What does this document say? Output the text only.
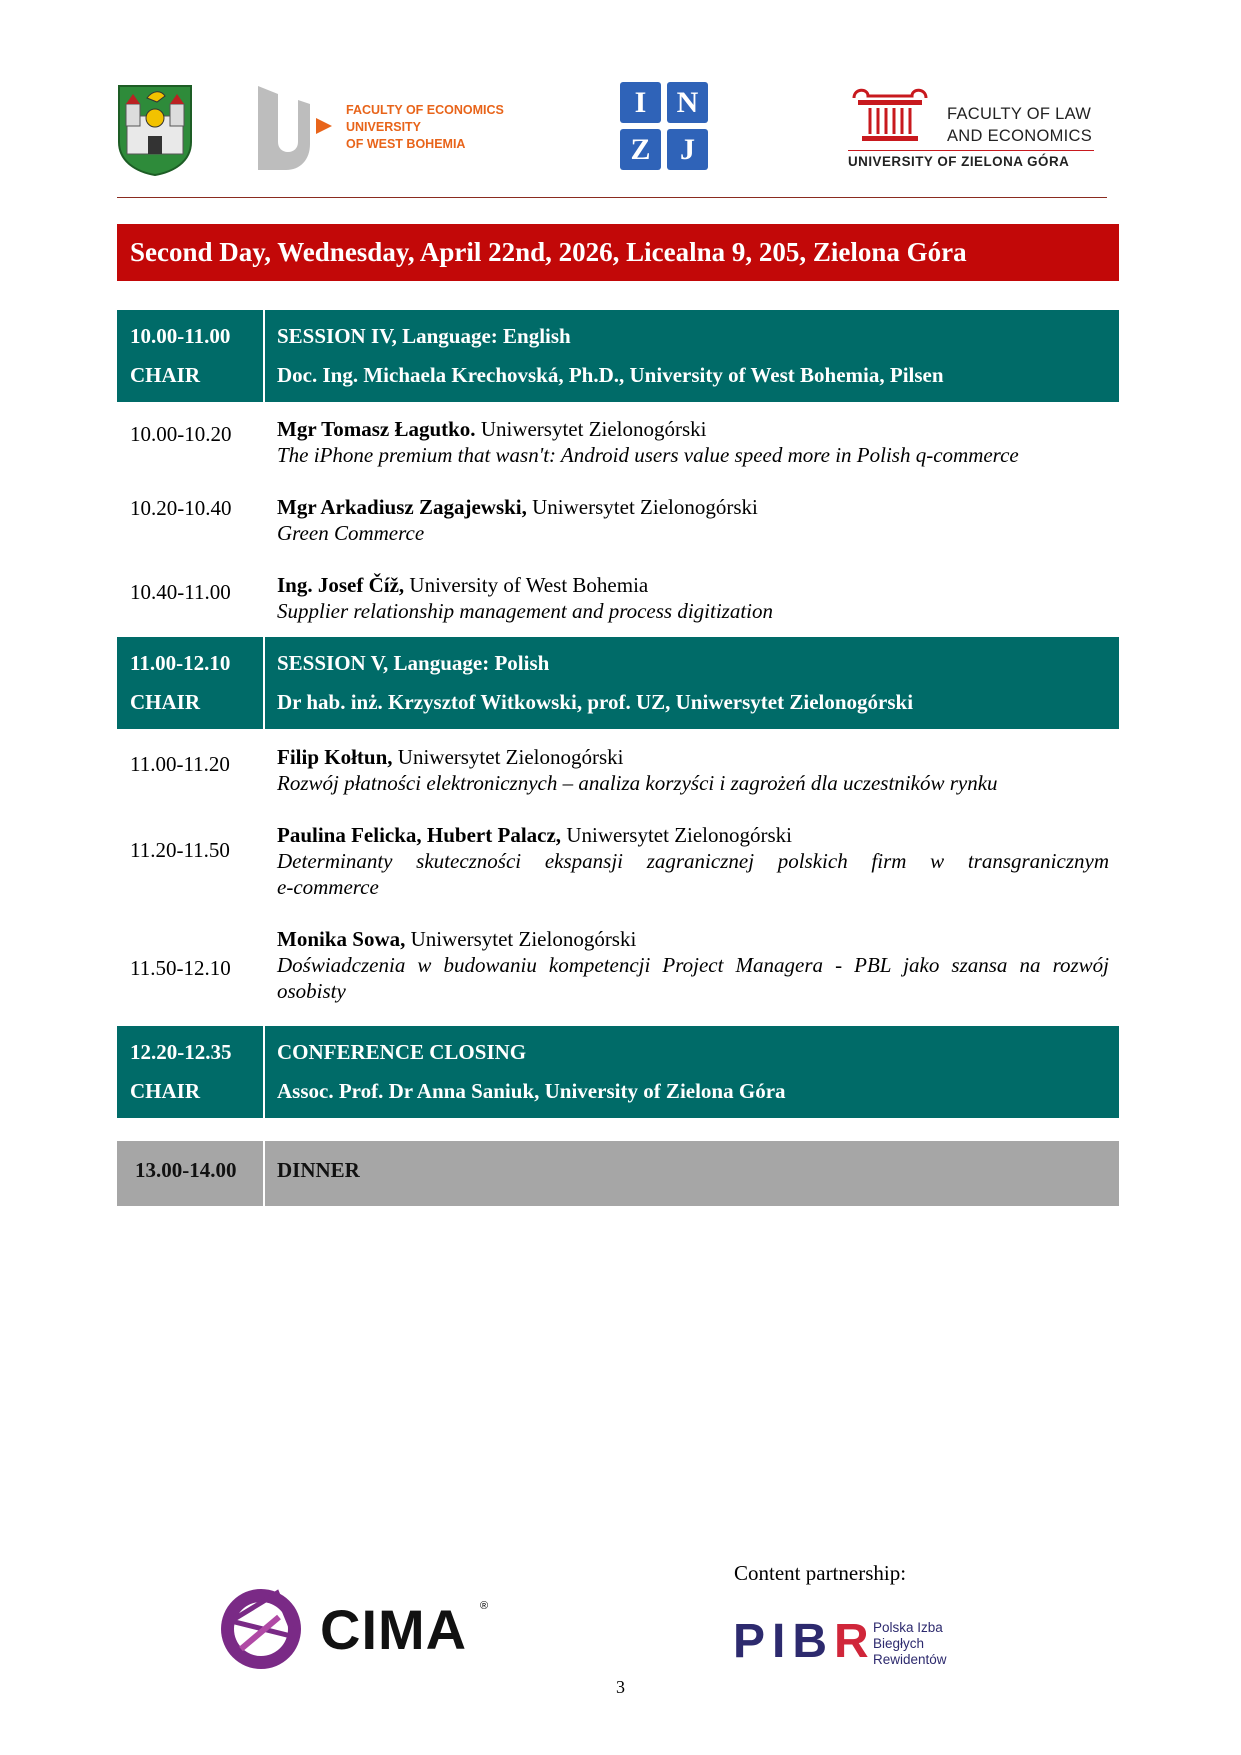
FACULTY OF ECONOMICS
UNIVERSITY
OF WEST BOHEMIA
I	N
Z J
FACULTY OF LAW
AND ECONOMICS
UNIVERSITY OF ZIELONA GÓRA
Second Day, Wednesday, April 22nd, 2026, Licealna 9, 205, Zielona Góra
10.00-11.00
CHAIR
SESSION IV, Language: English
Doc. Ing. Michaela Krechovská, Ph.D., University of West Bohemia, Pilsen
10.00-10.20 Mgr Tomasz Łagutko. Uniwersytet Zielonogórski
The iPhone premium that wasn't: Android users value speed more in Polish q-commerce
10.20-10.40 Mgr Arkadiusz Zagajewski, Uniwersytet Zielonogórski
Green Commerce
10.40-11.00 Ing. Josef Číž, University of West Bohemia
Supplier relationship management and process digitization
11.00-12.10
CHAIR
SESSION V, Language: Polish
Dr hab. inż. Krzysztof Witkowski, prof. UZ, Uniwersytet Zielonogórski
11.00-11.20 Filip Kołtun, Uniwersytet Zielonogórski
Rozwój płatności elektronicznych – analiza korzyści i zagrożeń dla uczestników rynku
11.20-11.50
Paulina Felicka, Hubert Palacz, Uniwersytet Zielonogórski
Determinanty skuteczności ekspansji zagranicznej polskich firm w transgranicznym
e-commerce
11.50-12.10
Monika Sowa, Uniwersytet Zielonogórski
Doświadczenia w budowaniu kompetencji Project Managera - PBL jako szansa na rozwój
osobisty
12.20-12.35
CHAIR
CONFERENCE CLOSING
Assoc. Prof. Dr Anna Saniuk, University of Zielona Góra
13.00-14.00 DINNER
CIMA ®
Content partnership:
PIBR
Polska Izba
Biegłych
Rewidentów
3
